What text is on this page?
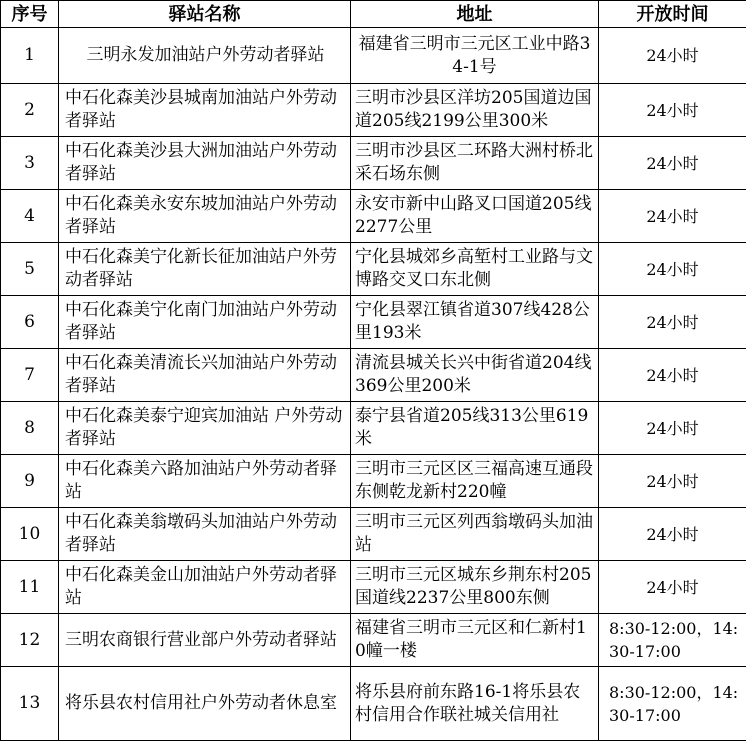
序号	驿站名称	地址	开放时间
1	三明永发加油站户外劳动者驿站	福建省三明市三元区工业中路34-1号	24小时
2	中石化森美沙县城南加油站户外劳动者驿站	三明市沙县区洋坊205国道边国道205线2199公里300米	24小时
3	中石化森美沙县大洲加油站户外劳动者驿站	三明市沙县区二环路大洲村桥北采石场东侧	24小时
4	中石化森美永安东坡加油站户外劳动者驿站	永安市新中山路叉口国道205线2277公里	24小时
5	中石化森美宁化新长征加油站户外劳动者驿站	宁化县城郊乡高堑村工业路与文博路交叉口东北侧	24小时
6	中石化森美宁化南门加油站户外劳动者驿站	宁化县翠江镇省道307线428公里193米	24小时
7	中石化森美清流长兴加油站户外劳动者驿站	清流县城关长兴中街省道204线369公里200米	24小时
8	中石化森美泰宁迎宾加油站 户外劳动者驿站	泰宁县省道205线313公里619米	24小时
9	中石化森美六路加油站户外劳动者驿站	三明市三元区区三福高速互通段东侧乾龙新村220幢	24小时
10	中石化森美翁墩码头加油站户外劳动者驿站	三明市三元区列西翁墩码头加油站	24小时
11	中石化森美金山加油站户外劳动者驿站	三明市三元区城东乡荆东村205国道线2237公里800东侧	24小时
12	三明农商银行营业部户外劳动者驿站	福建省三明市三元区和仁新村10幢一楼	8:30-12:00，14:30-17:00
13	将乐县农村信用社户外劳动者休息室	将乐县府前东路16-1将乐县农村信用合作联社城关信用社	8:30-12:00，14:30-17:00
